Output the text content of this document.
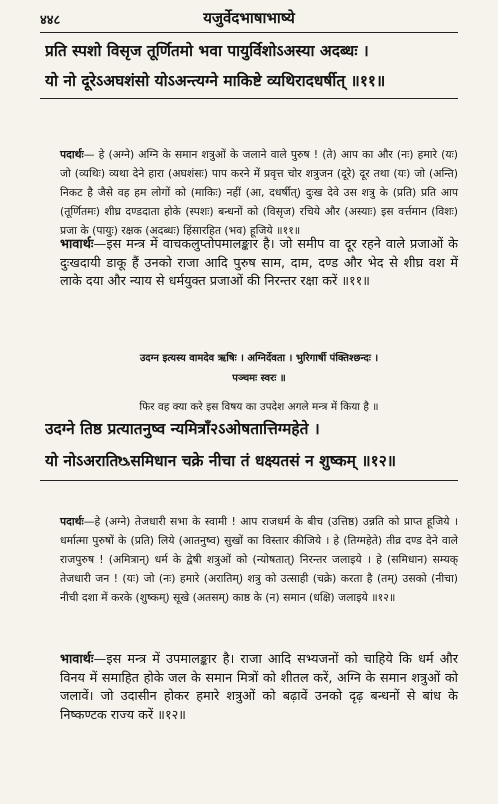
४४८	यजुर्वेदभाषाभाष्ये
प्रति स्पशो विसृज तूर्णितमो भवा पायुर्विशोऽअस्या अदब्धः ।
यो नो दूरेऽअघशंसो योऽअन्त्यग्ने माकिष्टे व्यथिरादधर्षीत् ॥११॥
पदार्थः— हे (अग्ने) अग्नि के समान शत्रुओं के जलाने वाले पुरुष ! (ते) आप का और (नः) हमारे (यः) जो (व्यथिः) व्यथा देने हारा (अघशंसः) पाप करने में प्रवृत्त चोर शत्रुजन (दूरे) दूर तथा (यः) जो (अन्ति) निकट है जैसे वह हम लोगों को (माकिः) नहीं (आ, दधर्षीत्) दुःख देवे उस शत्रु के (प्रति) प्रति आप (तूर्णितमः) शीघ्र दण्डदाता होके (स्पशः) बन्धनों को (विसृज) रचिये और (अस्याः) इस वर्त्तमान (विशः) प्रजा के (पायुः) रक्षक (अदब्धः) हिंसारहित (भव) हूजिये ॥११॥
भावार्थः—इस मन्त्र में वाचकलुप्तोपमालङ्कार है। जो समीप वा दूर रहने वाले प्रजाओं के दुःखदायी डाकू हैं उनको राजा आदि पुरुष साम, दाम, दण्ड और भेद से शीघ्र वश में लाके दया और न्याय से धर्मयुक्त प्रजाओं की निरन्तर रक्षा करें ॥११॥
उदग्न इत्यस्य वामदेव ऋषिः । अग्निर्देवता । भुरिगार्षी पंक्तिश्छन्दः ।
पञ्चमः स्वरः ॥
फिर वह क्या करे इस विषय का उपदेश अगले मन्त्र में किया है ॥
उदग्ने तिष्ठ प्रत्यातनुष्व न्यमित्राँ२ऽओषतात्तिग्महेते ।
यो नोऽअरातिᳬसमिधान चक्रे नीचा तं धक्ष्यतसं न शुष्कम् ॥१२॥
पदार्थः—हे (अग्ने) तेजधारी सभा के स्वामी ! आप राजधर्म के बीच (उत्तिष्ठ) उन्नति को प्राप्त हूजिये । धर्मात्मा पुरुषों के (प्रति) लिये (आतनुष्व) सुखों का विस्तार कीजिये । हे (तिग्महेते) तीव्र दण्ड देने वाले राजपुरुष ! (अमित्रान्) धर्म के द्वेषी शत्रुओं को (न्योषतात्) निरन्तर जलाइये । हे (समिधान) सम्यक् तेजधारी जन ! (यः) जो (नः) हमारे (अरातिम्) शत्रु को उत्साही (चक्रे) करता है (तम्) उसको (नीचा) नीची दशा में करके (शुष्कम्) सूखे (अतसम्) काष्ठ के (न) समान (धक्षि) जलाइये ॥१२॥
भावार्थः—इस मन्त्र में उपमालङ्कार है। राजा आदि सभ्यजनों को चाहिये कि धर्म और विनय में समाहित होके जल के समान मित्रों को शीतल करें, अग्नि के समान शत्रुओं को जलावें। जो उदासीन होकर हमारे शत्रुओं को बढ़ावें उनको दृढ़ बन्धनों से बांध के निष्कण्टक राज्य करें ॥१२॥
